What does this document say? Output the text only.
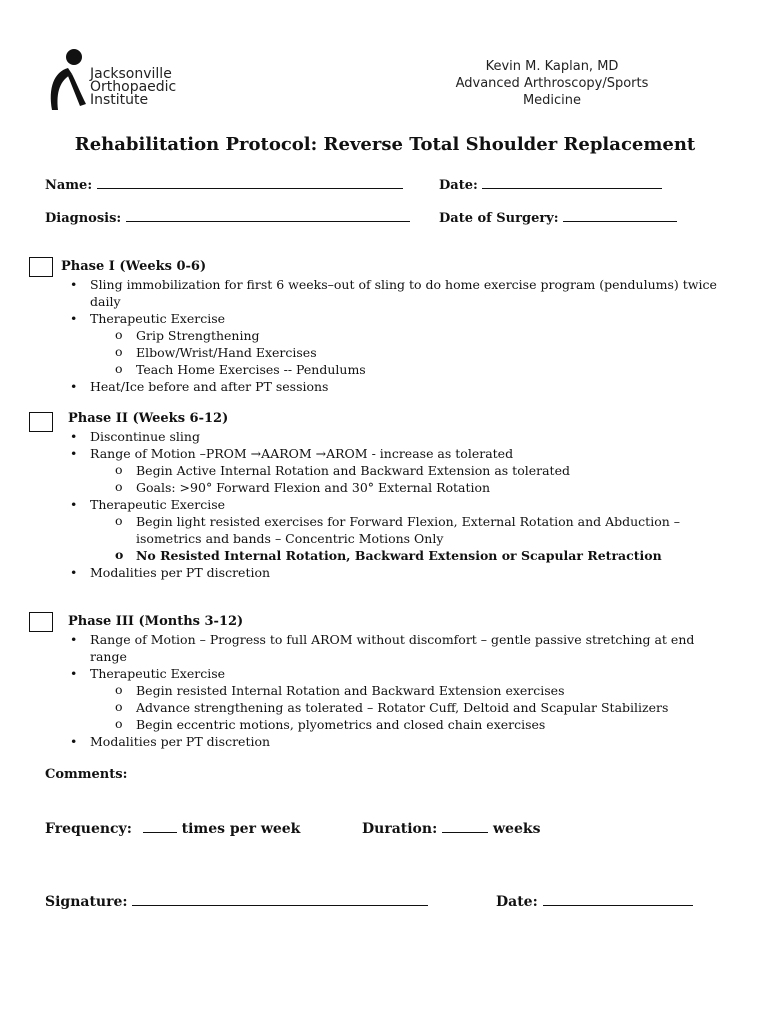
Jacksonville
Orthopaedic
Institute
Kevin M. Kaplan, MD
Advanced Arthroscopy/Sports
Medicine
Rehabilitation Protocol: Reverse Total Shoulder Replacement
Name:	Date:
Diagnosis:	Date of Surgery:
Phase I (Weeks 0-6)
• Sling immobilization for first 6 weeks–out of sling to do home exercise program (pendulums) twice daily
• Therapeutic Exercise
o Grip Strengthening
o Elbow/Wrist/Hand Exercises
o Teach Home Exercises -- Pendulums
• Heat/Ice before and after PT sessions
Phase II (Weeks 6-12)
• Discontinue sling
• Range of Motion –PROM →AAROM →AROM - increase as tolerated
o Begin Active Internal Rotation and Backward Extension as tolerated
o Goals: >90° Forward Flexion and 30° External Rotation
• Therapeutic Exercise
o Begin light resisted exercises for Forward Flexion, External Rotation and Abduction – isometrics and bands – Concentric Motions Only
o No Resisted Internal Rotation, Backward Extension or Scapular Retraction
• Modalities per PT discretion
Phase III (Months 3-12)
• Range of Motion – Progress to full AROM without discomfort – gentle passive stretching at end range
• Therapeutic Exercise
o Begin resisted Internal Rotation and Backward Extension exercises
o Advance strengthening as tolerated – Rotator Cuff, Deltoid and Scapular Stabilizers
o Begin eccentric motions, plyometrics and closed chain exercises
• Modalities per PT discretion
Comments:
Frequency:	times per week	Duration:	weeks
Signature:	Date:
